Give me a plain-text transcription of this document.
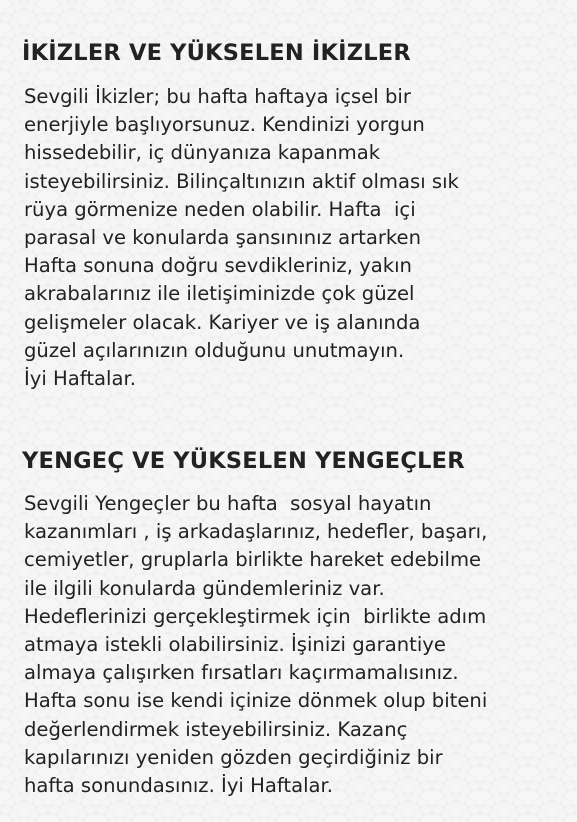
İKİZLER VE YÜKSELEN İKİZLER
Sevgili İkizler; bu hafta haftaya içsel bir
enerjiyle başlıyorsunuz. Kendinizi yorgun
hissedebilir, iç dünyanıza kapanmak
isteyebilirsiniz. Bilinçaltınızın aktif olması sık
rüya görmenize neden olabilir. Hafta  içi
parasal ve konularda şansınınız artarken
Hafta sonuna doğru sevdikleriniz, yakın
akrabalarınız ile iletişiminizde çok güzel
gelişmeler olacak. Kariyer ve iş alanında
güzel açılarınızın olduğunu unutmayın.
İyi Haftalar.
YENGEÇ VE YÜKSELEN YENGEÇLER
Sevgili Yengeçler bu hafta  sosyal hayatın
kazanımları , iş arkadaşlarınız, hedefler, başarı,
cemiyetler, gruplarla birlikte hareket edebilme
ile ilgili konularda gündemleriniz var.
Hedeflerinizi gerçekleştirmek için  birlikte adım
atmaya istekli olabilirsiniz. İşinizi garantiye
almaya çalışırken fırsatları kaçırmamalısınız.
Hafta sonu ise kendi içinize dönmek olup biteni
değerlendirmek isteyebilirsiniz. Kazanç
kapılarınızı yeniden gözden geçirdiğiniz bir
hafta sonundasınız. İyi Haftalar.
